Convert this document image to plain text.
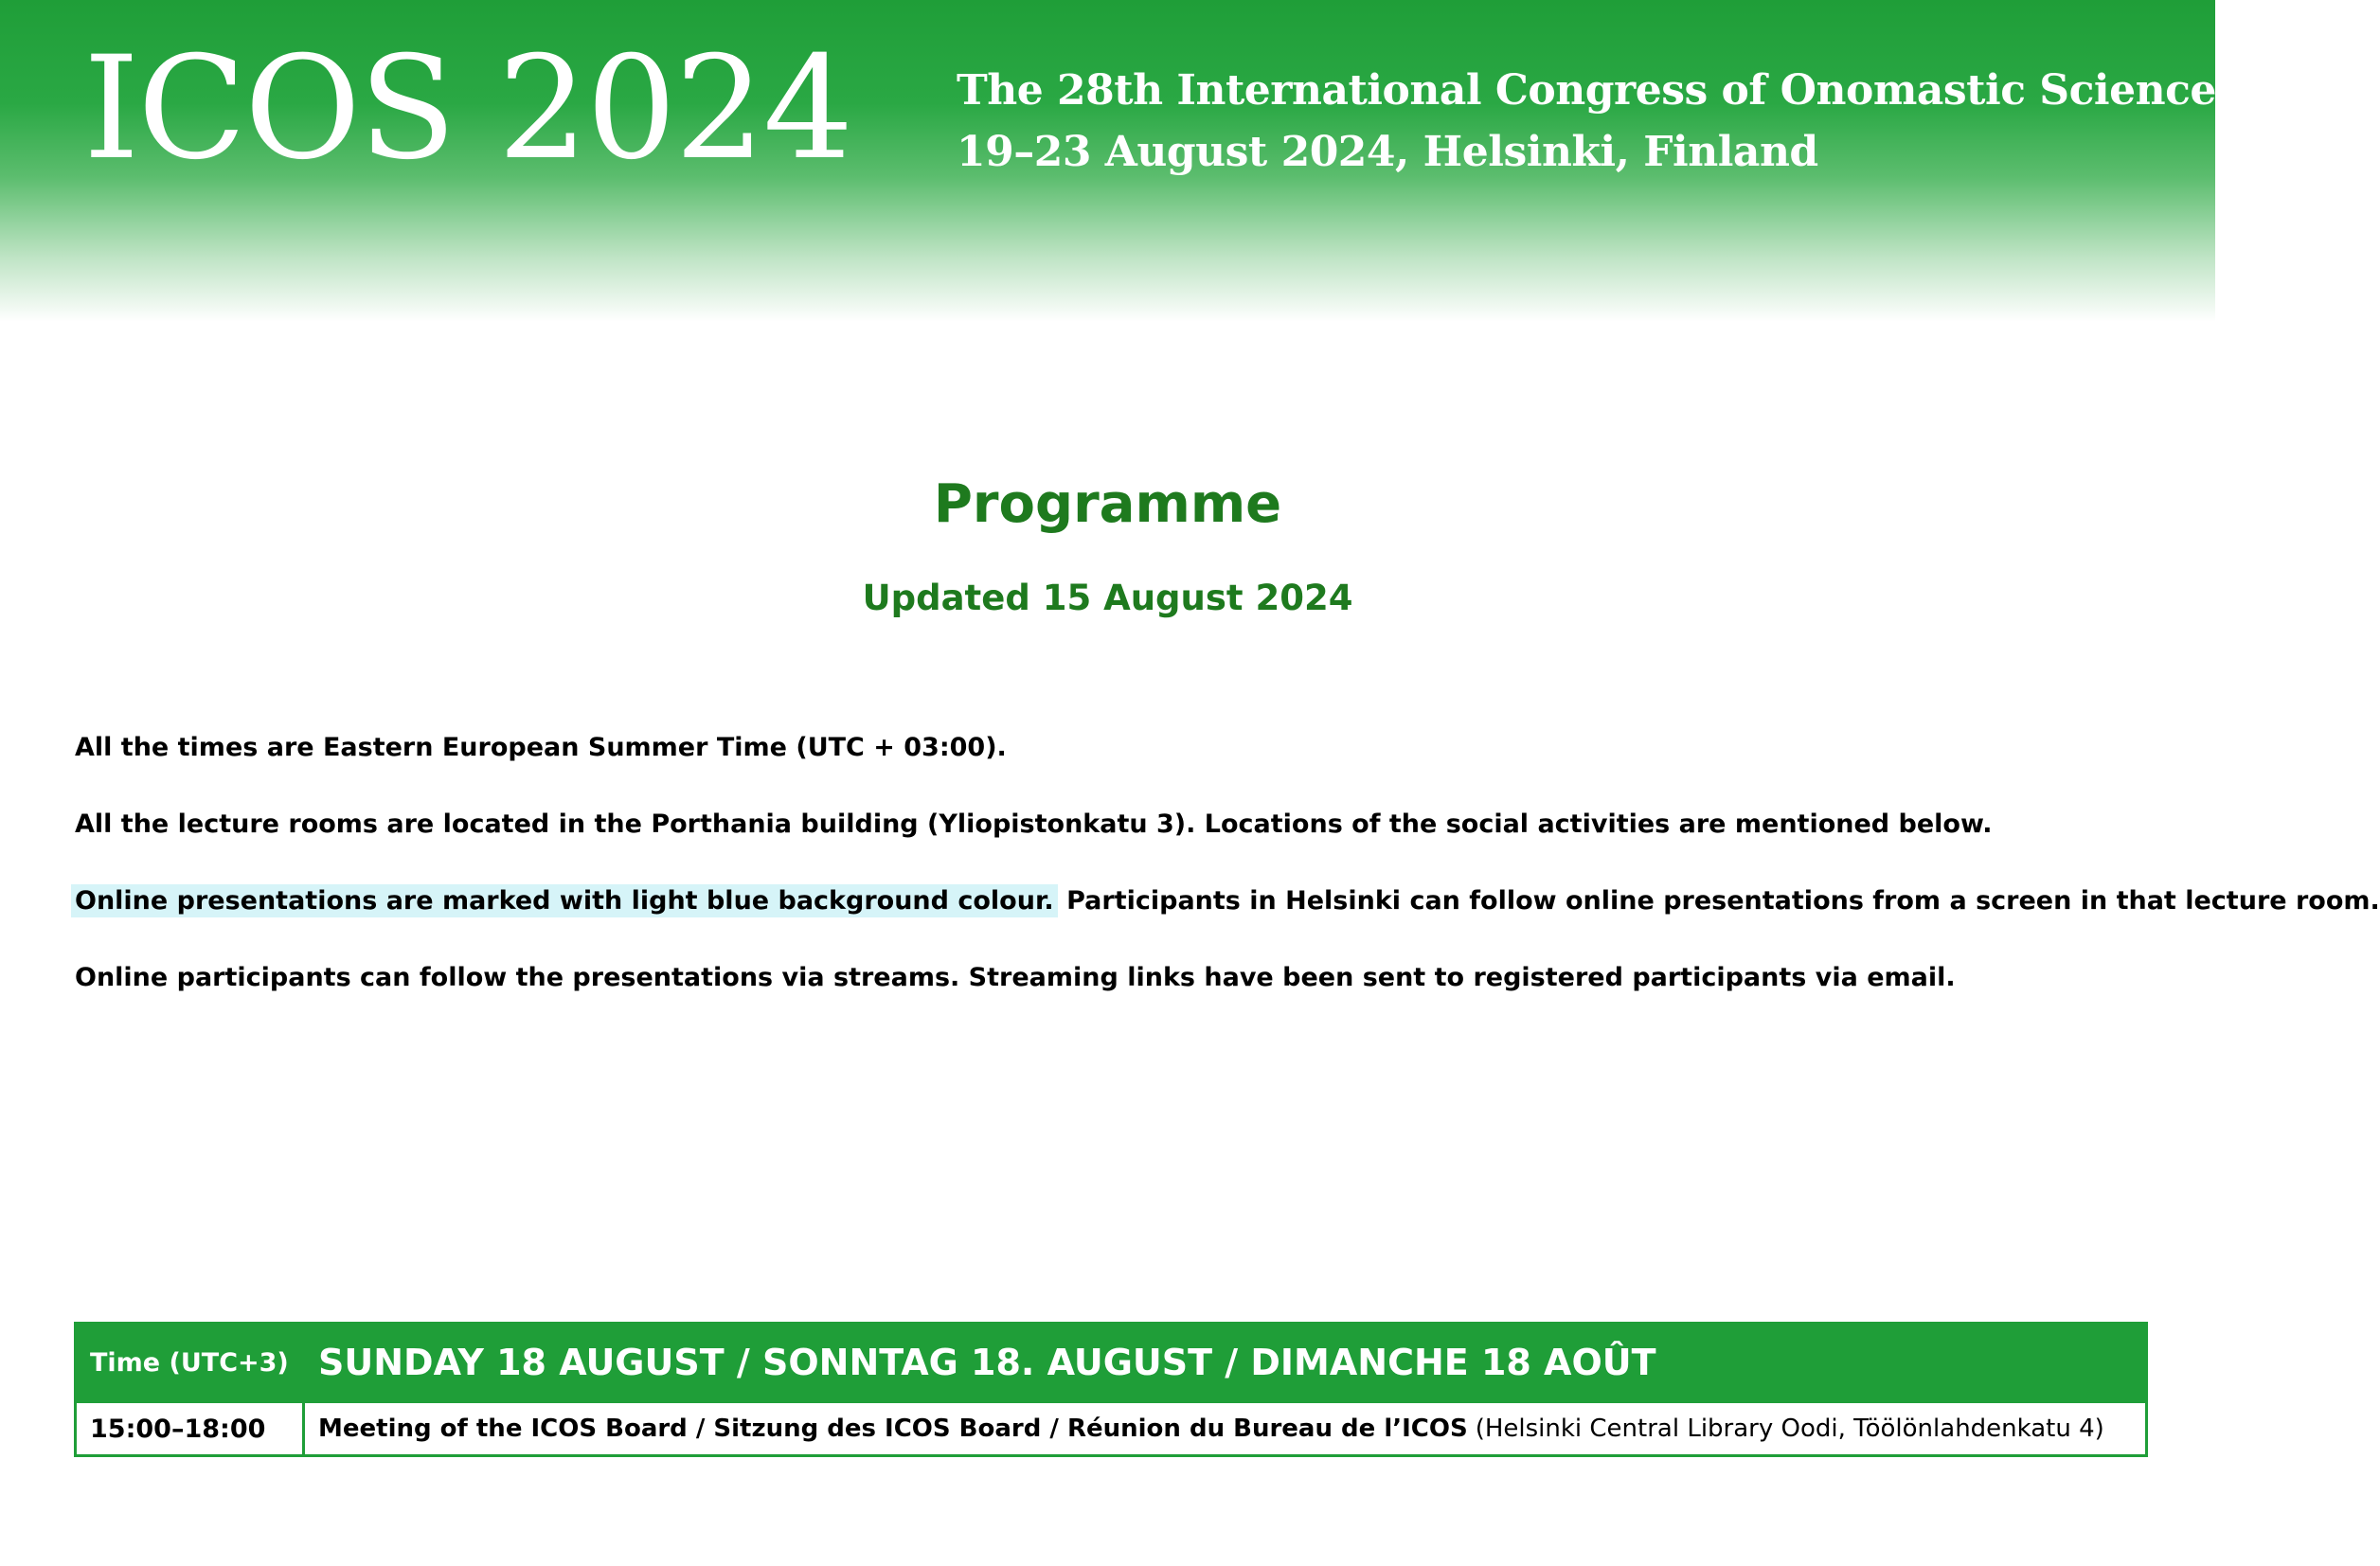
ICOS 2024	The 28th International Congress of Onomastic Sciences
19–23 August 2024, Helsinki, Finland
Programme
Updated 15 August 2024
All the times are Eastern European Summer Time (UTC + 03:00).
All the lecture rooms are located in the Porthania building (Yliopistonkatu 3). Locations of the social activities are mentioned below.
Online presentations are marked with light blue background colour. Participants in Helsinki can follow online presentations from a screen in that lecture room.
Online participants can follow the presentations via streams. Streaming links have been sent to registered participants via email.
Time (UTC+3) SUNDAY 18 AUGUST / SONNTAG 18. AUGUST / DIMANCHE 18 AOÛT
15:00–18:00	Meeting of the ICOS Board / Sitzung des ICOS Board / Réunion du Bureau de l’ICOS (Helsinki Central Library Oodi, Töölönlahdenkatu 4)
